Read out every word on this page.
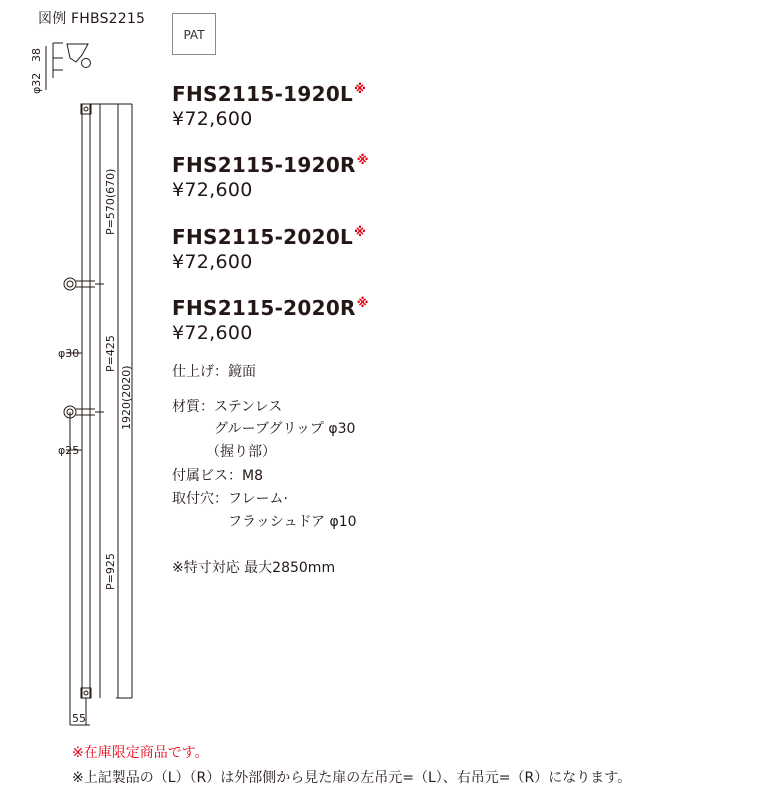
図例 FHBS2215
PAT
38
φ32
P=570(670)
φ30 P=425
1920(2020)
φ25
P=925
55
FHS2115-1920L※
¥72,600
FHS2115-1920R※
¥72,600
FHS2115-2020L※
¥72,600
FHS2115-2020R※
¥72,600
仕上げ：鏡面
材質：ステンレス
グルーブグリップ φ30
（握り部）
付属ビス：M8
取付穴：フレーム·
フラッシュドア φ10
※特寸対応 最大2850mm
※在庫限定商品です。
※上記製品の（L）（R）は外部側から見た扉の左吊元=（L）、右吊元=（R）になります。
